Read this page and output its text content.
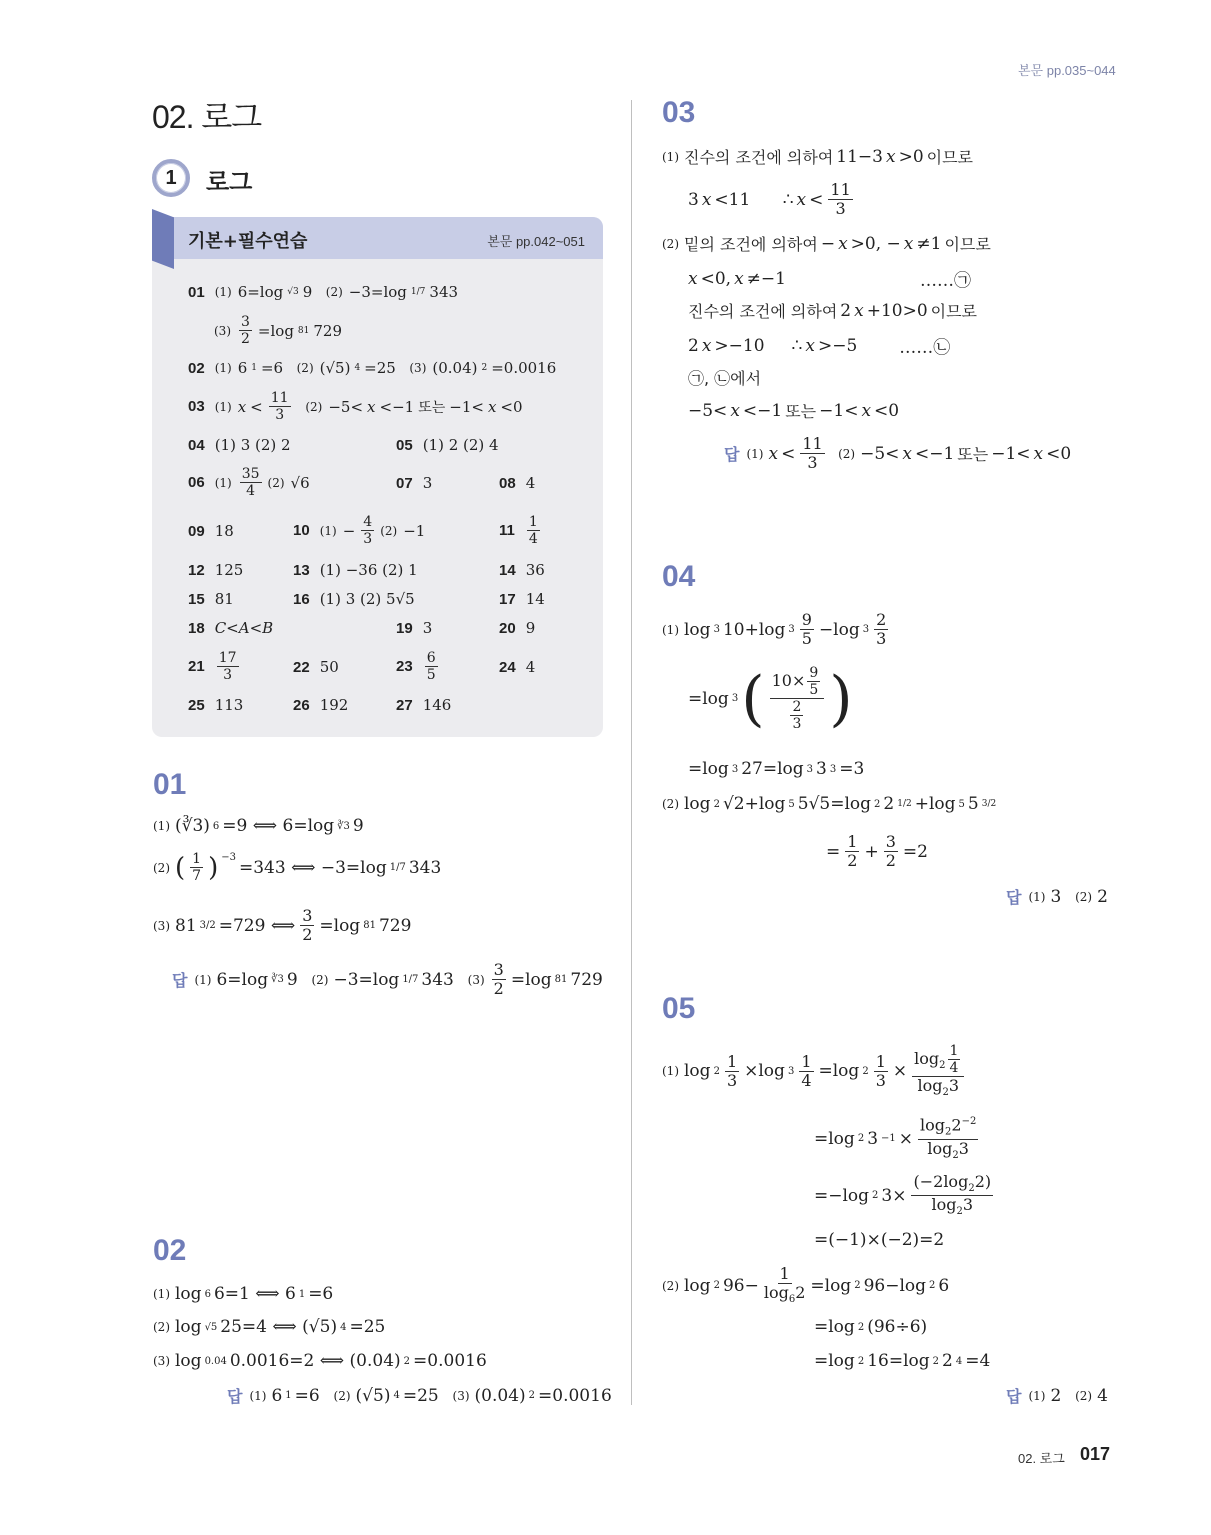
본문 pp.035~044
02. 로그
1	로그
기본+필수연습	본문 pp.042~051
01 (1) 6=log √3 9 (2) −3=log 1/7 343
$(3) \frac{3}{2} =\log$ 81 729
02 (1) 6 1 =6 (2) (√5) 4 =25 (3) (0.04) 2 =0.0016
03 (1) $x < \frac{11}{3}$
(2) −5< x <−1 또는 −1< x <0
04 (1) 3 (2) 2	05 (1) 2 (2) 4
06 $(1) \frac{35}{4} (2)$ √6	07 3	08 4
09 18	10 $(1) - \frac{4}{3} (2) -1$	$11 \frac{1}{4}$
12 125	13 (1) −36 (2) 1	14 36
15 81	16 (1) 3 (2) 5√5	17 14
18 C<A<B	19 3	20 9
$21 \frac{17}{3}$	22 50	$23 \frac{6}{5}$	24 4
25 113	26 192	27 146
01
(1) (∛3) 6 =9 ⟺ 6=log ∛3 9
(2) ( $\frac{1}{7}$ ) $^{-3}$ =343 ⟺ −3=log $_{1/7}$ 343
(3) 81 3/2 =729 ⟺ $\frac{3}{2} =\log$ 81 729
답 (1) 6=log ∛3 9 (2) −3=log 1/7 343 $(3) \frac{3}{2} =\log$ 81 729
02
(1) log 6 6=1 ⟺ 6 1 =6
(2) log √5 25=4 ⟺ (√5) 4 =25
(3) log 0.04 0.0016=2 ⟺ (0.04) 2 =0.0016
답 (1) 6 1 =6 (2) (√5) 4 =25 (3) (0.04) 2 =0.0016
03
(1) 진수의 조건에 의하여 11−3 x >0 이므로
3 x <11      ∴ $x < \frac{11}{3}$
(2) 밑의 조건에 의하여 − x >0, − x ≠1 이므로
x <0, x ≠−1	……㉠
진수의 조건에 의하여 2 x +10>0 이므로
2 x >−10     ∴ x >−5 ……㉡
㉠, ㉡에서
−5< x <−1 또는 −1< x <0
답 (1) $x < \frac{11}{3}$
(2) −5< x <−1 또는 −1< x <0
04
(1) log 3 10+log $3 \frac{9}{5} -\log$ $3 \frac{2}{3}$
=log 3 ( $\frac{10\times \frac{9}{5}}{\frac{2}{3}}$ )
=log 3 27=log 3 3 3 =3
(2) log 2 √2+log 5 5√5=log 2 2 1/2 +log 5 5 3/2
= $\frac{1}{2} + \frac{3}{2} =2$
답 (1) 3 (2) 2
05
(1) $\log 2 \frac{1}{3} \times\log$ $3 \frac{1}{4} =\log$ $2 \frac{1}{3} \times \frac{\log_2 \frac{1}{4}}{\log_23}$
=log 2 $3 -1 \times \frac{\log_22^{-2}}{\log_23}$
=−log 2 $3\times \frac{(-2\log_22)}{\log_23}$
=(−1)×(−2)=2
(2) log 2 $96- \frac{1}{\log_62} =\log$ 2 96−log 2 6
=log 2 (96÷6)
=log 2 16=log 2 2 4 =4
답 (1) 2 (2) 4
02. 로그 017
